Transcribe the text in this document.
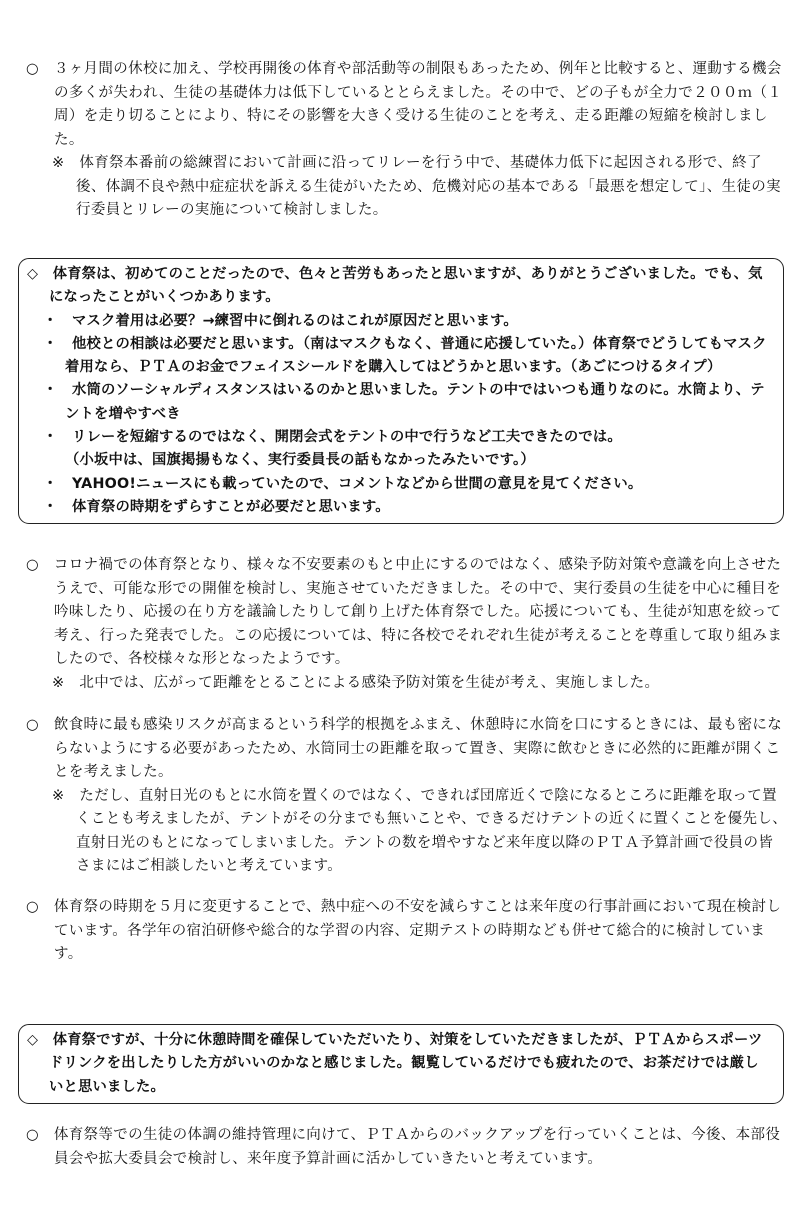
○　３ヶ月間の休校に加え、学校再開後の体育や部活動等の制限もあったため、例年と比較すると、運動する機会の多くが失われ、生徒の基礎体力は低下しているととらえました。その中で、どの子もが全力で２００ｍ（１周）を走り切ることにより、特にその影響を大きく受ける生徒のことを考え、走る距離の短縮を検討しました。

※　体育祭本番前の総練習において計画に沿ってリレーを行う中で、基礎体力低下に起因される形で、終了後、体調不良や熱中症症状を訴える生徒がいたため、危機対応の基本である「最悪を想定して」、生徒の実行委員とリレーの実施について検討しました。

◇　体育祭は、初めてのことだったので、色々と苦労もあったと思いますが、ありがとうございました。でも、気になったことがいくつかあります。

・　マスク着用は必要？→練習中に倒れるのはこれが原因だと思います。

・　他校との相談は必要だと思います。（南はマスクもなく、普通に応援していた。）体育祭でどうしてもマスク着用なら、ＰＴＡのお金でフェイスシールドを購入してはどうかと思います。（あごにつけるタイプ）

・　水筒のソーシャルディスタンスはいるのかと思いました。テントの中ではいつも通りなのに。水筒より、テントを増やすべき

・　リレーを短縮するのではなく、開閉会式をテントの中で行うなど工夫できたのでは。

（小坂中は、国旗掲揚もなく、実行委員長の話もなかったみたいです。）

・　YAHOO!ニュースにも載っていたので、コメントなどから世間の意見を見てください。

・　体育祭の時期をずらすことが必要だと思います。

○　コロナ禍での体育祭となり、様々な不安要素のもと中止にするのではなく、感染予防対策や意識を向上させたうえで、可能な形での開催を検討し、実施させていただきました。その中で、実行委員の生徒を中心に種目を吟味したり、応援の在り方を議論したりして創り上げた体育祭でした。応援についても、生徒が知恵を絞って考え、行った発表でした。この応援については、特に各校でそれぞれ生徒が考えることを尊重して取り組みましたので、各校様々な形となったようです。

※　北中では、広がって距離をとることによる感染予防対策を生徒が考え、実施しました。

○　飲食時に最も感染リスクが高まるという科学的根拠をふまえ、休憩時に水筒を口にするときには、最も密にならないようにする必要があったため、水筒同士の距離を取って置き、実際に飲むときに必然的に距離が開くことを考えました。

※　ただし、直射日光のもとに水筒を置くのではなく、できれば団席近くで陰になるところに距離を取って置くことも考えましたが、テントがその分までも無いことや、できるだけテントの近くに置くことを優先し、直射日光のもとになってしまいました。テントの数を増やすなど来年度以降のＰＴＡ予算計画で役員の皆さまにはご相談したいと考えています。

○　体育祭の時期を５月に変更することで、熱中症への不安を減らすことは来年度の行事計画において現在検討しています。各学年の宿泊研修や総合的な学習の内容、定期テストの時期なども併せて総合的に検討しています。

◇　体育祭ですが、十分に休憩時間を確保していただいたり、対策をしていただきましたが、ＰＴＡからスポーツドリンクを出したりした方がいいのかなと感じました。観覧しているだけでも疲れたので、お茶だけでは厳しいと思いました。

○　体育祭等での生徒の体調の維持管理に向けて、ＰＴＡからのバックアップを行っていくことは、今後、本部役員会や拡大委員会で検討し、来年度予算計画に活かしていきたいと考えています。
